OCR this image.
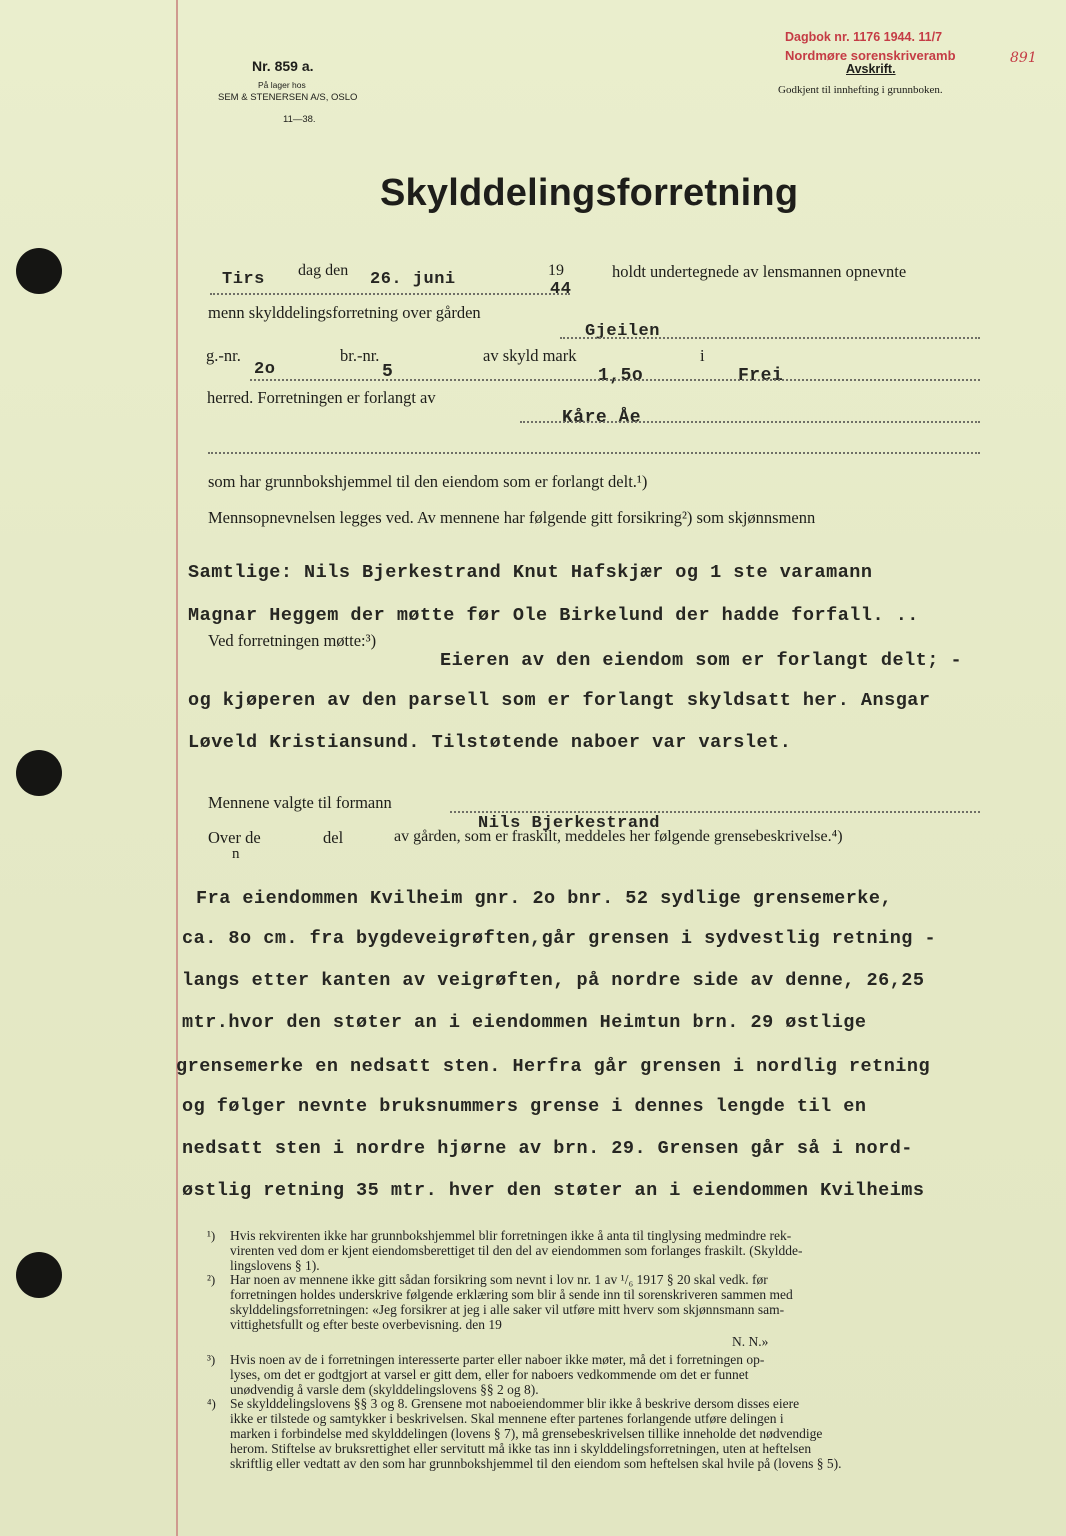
Nr. 859 a.
På lager hos
SEM & STENERSEN A/S, OSLO
11—38.
Dagbok nr. 1176 1944. 11/7
Nordmøre sorenskriveramb	891
Avskrift.
Godkjent til innhefting i grunnboken.
Skylddelingsforretning
Tirs dag den 26. juni	19
44
holdt undertegnede av lensmannen opnevnte
menn skylddelingsforretning over gården
Gjeilen
g.-nr.
2o
br.-nr.
5
av skyld mark
1,5o
i
Frei
herred. Forretningen er forlangt av
Kåre Åe
som har grunnbokshjemmel til den eiendom som er forlangt delt.¹)
Mennsopnevnelsen legges ved. Av mennene har følgende gitt forsikring²) som skjønnsmenn
Samtlige: Nils Bjerkestrand Knut Hafskjær og 1 ste varamann
Magnar Heggem der møtte før Ole Birkelund der hadde forfall. ..
Ved forretningen møtte:³)
Eieren av den eiendom som er forlangt delt; -
og kjøperen av den parsell som er forlangt skyldsatt her. Ansgar
Løveld Kristiansund. Tilstøtende naboer var varslet.
Mennene valgte til formann
Nils Bjerkestrand
Over de
n
del	av gården, som er fraskilt, meddeles her følgende grensebeskrivelse.⁴)
Fra eiendommen Kvilheim gnr. 2o bnr. 52 sydlige grensemerke,
ca. 8o cm. fra bygdeveigrøften,går grensen i sydvestlig retning -
langs etter kanten av veigrøften, på nordre side av denne, 26,25
mtr.hvor den støter an i eiendommen Heimtun brn. 29 østlige
grensemerke en nedsatt sten. Herfra går grensen i nordlig retning
og følger nevnte bruksnummers grense i dennes lengde til en
nedsatt sten i nordre hjørne av brn. 29. Grensen går så i nord-
østlig retning 35 mtr. hver den støter an i eiendommen Kvilheims
¹) Hvis rekvirenten ikke har grunnbokshjemmel blir forretningen ikke å anta til tinglysing medmindre rek-
virenten ved dom er kjent eiendomsberettiget til den del av eiendommen som forlanges fraskilt. (Skyldde-
lingslovens § 1).
²) Har noen av mennene ikke gitt sådan forsikring som nevnt i lov nr. 1 av ¹/₆ 1917 § 20 skal vedk. før
forretningen holdes underskrive følgende erklæring som blir å sende inn til sorenskriveren sammen med
skylddelingsforretningen: «Jeg forsikrer at jeg i alle saker vil utføre mitt hverv som skjønnsmann sam-
vittighetsfullt og efter beste overbevisning. den 19
N. N.»
³) Hvis noen av de i forretningen interesserte parter eller naboer ikke møter, må det i forretningen op-
lyses, om det er godtgjort at varsel er gitt dem, eller for naboers vedkommende om det er funnet
unødvendig å varsle dem (skylddelingslovens §§ 2 og 8).
⁴) Se skylddelingslovens §§ 3 og 8. Grensene mot naboeiendommer blir ikke å beskrive dersom disses eiere
ikke er tilstede og samtykker i beskrivelsen. Skal mennene efter partenes forlangende utføre delingen i
marken i forbindelse med skylddelingen (lovens § 7), må grensebeskrivelsen tillike inneholde det nødvendige
herom. Stiftelse av bruksrettighet eller servitutt må ikke tas inn i skylddelingsforretningen, uten at heftelsen
skriftlig eller vedtatt av den som har grunnbokshjemmel til den eiendom som heftelsen skal hvile på (lovens § 5).
